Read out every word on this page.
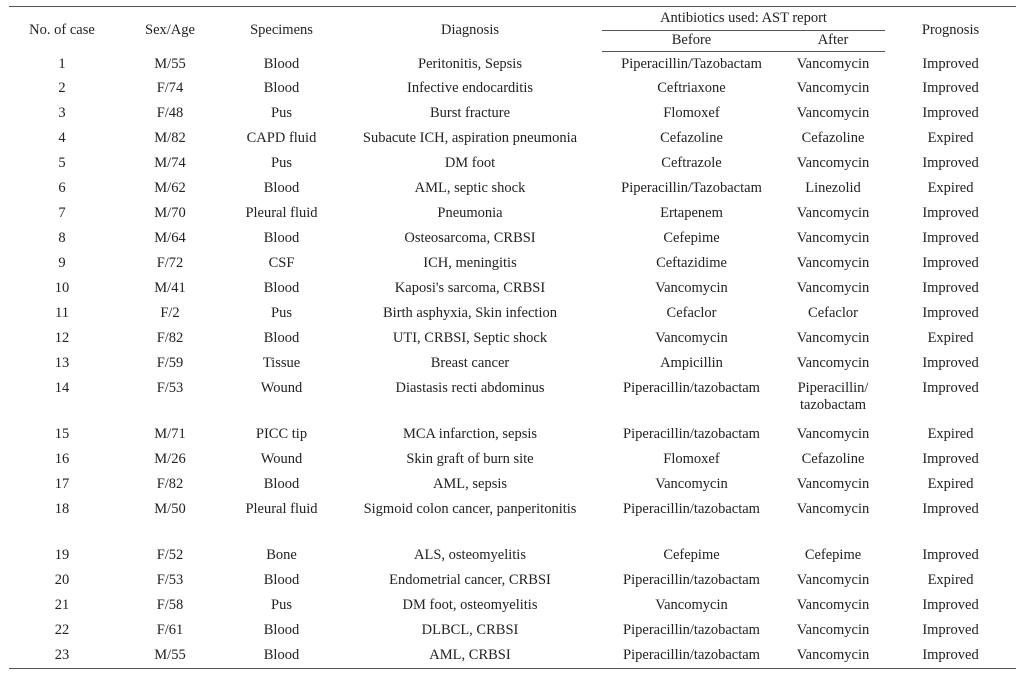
No. of case	Sex/Age	Specimens	Diagnosis	Antibiotics used: AST report		Prognosis
				Before	After	
1	M/55	Blood	Peritonitis, Sepsis	Piperacillin/Tazobactam	Vancomycin	Improved
2	F/74	Blood	Infective endocarditis	Ceftriaxone	Vancomycin	Improved
3	F/48	Pus	Burst fracture	Flomoxef	Vancomycin	Improved
4	M/82	CAPD fluid	Subacute ICH, aspiration pneumonia	Cefazoline	Cefazoline	Expired
5	M/74	Pus	DM foot	Ceftrazole	Vancomycin	Improved
6	M/62	Blood	AML, septic shock	Piperacillin/Tazobactam	Linezolid	Expired
7	M/70	Pleural fluid	Pneumonia	Ertapenem	Vancomycin	Improved
8	M/64	Blood	Osteosarcoma, CRBSI	Cefepime	Vancomycin	Improved
9	F/72	CSF	ICH, meningitis	Ceftazidime	Vancomycin	Improved
10	M/41	Blood	Kaposi's sarcoma, CRBSI	Vancomycin	Vancomycin	Improved
11	F/2	Pus	Birth asphyxia, Skin infection	Cefaclor	Cefaclor	Improved
12	F/82	Blood	UTI, CRBSI, Septic shock	Vancomycin	Vancomycin	Expired
13	F/59	Tissue	Breast cancer	Ampicillin	Vancomycin	Improved
14	F/53	Wound	Diastasis recti abdominus	Piperacillin/tazobactam	Piperacillin/ tazobactam	Improved
15	M/71	PICC tip	MCA infarction, sepsis	Piperacillin/tazobactam	Vancomycin	Expired
16	M/26	Wound	Skin graft of burn site	Flomoxef	Cefazoline	Improved
17	F/82	Blood	AML, sepsis	Vancomycin	Vancomycin	Expired
18	M/50	Pleural fluid	Sigmoid colon cancer, panperitonitis	Piperacillin/tazobactam	Vancomycin	Improved
19	F/52	Bone	ALS, osteomyelitis	Cefepime	Cefepime	Improved
20	F/53	Blood	Endometrial cancer, CRBSI	Piperacillin/tazobactam	Vancomycin	Expired
21	F/58	Pus	DM foot, osteomyelitis	Vancomycin	Vancomycin	Improved
22	F/61	Blood	DLBCL, CRBSI	Piperacillin/tazobactam	Vancomycin	Improved
23	M/55	Blood	AML, CRBSI	Piperacillin/tazobactam	Vancomycin	Improved
